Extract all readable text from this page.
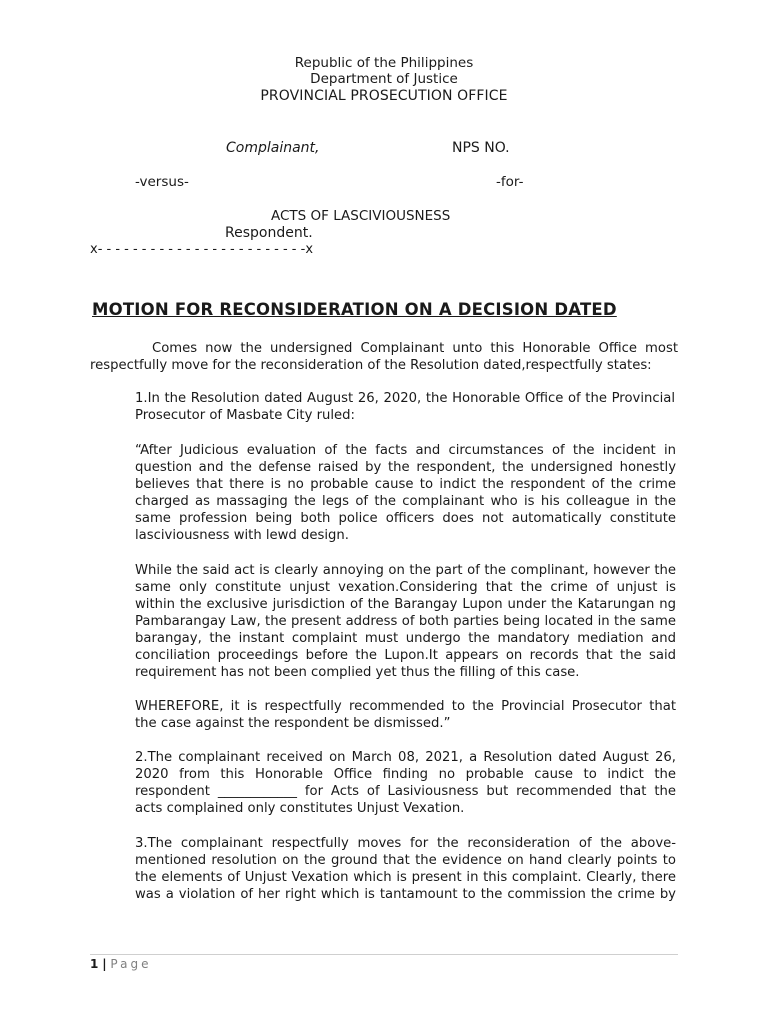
Republic of the Philippines
Department of Justice
PROVINCIAL PROSECUTION OFFICE
Complainant,	NPS NO.
-versus-	-for-
ACTS OF LASCIVIOUSNESS
Respondent.
x- - - - - - - - - - - - - - - - - - - - - - - -x
MOTION FOR RECONSIDERATION ON A DECISION DATED
Comes now the undersigned Complainant unto this Honorable Office most
respectfully move for the reconsideration of the Resolution dated,respectfully states:
1.In the Resolution dated August 26, 2020, the Honorable Office of the Provincial
Prosecutor of Masbate City ruled:
“After Judicious evaluation of the facts and circumstances of the incident in
question and the defense raised by the respondent, the undersigned honestly
believes that there is no probable cause to indict the respondent of the crime
charged as massaging the legs of the complainant who is his colleague in the
same profession being both police officers does not automatically constitute
lasciviousness with lewd design.
While the said act is clearly annoying on the part of the complinant, however the
same only constitute unjust vexation.Considering that the crime of unjust is
within the exclusive jurisdiction of the Barangay Lupon under the Katarungan ng
Pambarangay Law, the present address of both parties being located in the same
barangay, the instant complaint must undergo the mandatory mediation and
conciliation proceedings before the Lupon.It appears on records that the said
requirement has not been complied yet thus the filling of this case.
WHEREFORE, it is respectfully recommended to the Provincial Prosecutor that
the case against the respondent be dismissed.”
2.The complainant received on March 08, 2021, a Resolution dated August 26,
2020 from this Honorable Office finding no probable cause to indict the
respondent ____________ for Acts of Lasiviousness but recommended that the
acts complained only constitutes Unjust Vexation.
3.The complainant respectfully moves for the reconsideration of the above-
mentioned resolution on the ground that the evidence on hand clearly points to
the elements of Unjust Vexation which is present in this complaint. Clearly, there
was a violation of her right which is tantamount to the commission the crime by
1 | Page
